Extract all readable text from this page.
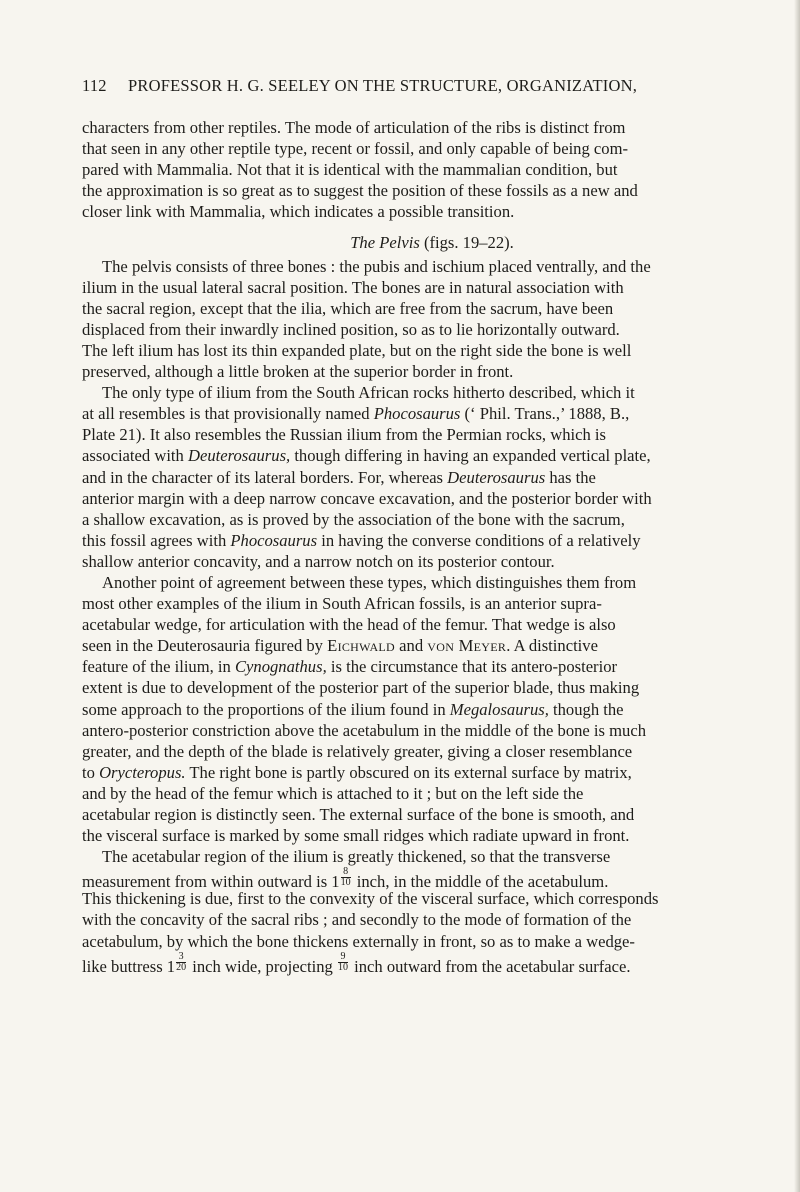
112	PROFESSOR H. G. SEELEY ON THE STRUCTURE, ORGANIZATION,
characters from other reptiles. The mode of articulation of the ribs is distinct from
that seen in any other reptile type, recent or fossil, and only capable of being com-
pared with Mammalia. Not that it is identical with the mammalian condition, but
the approximation is so great as to suggest the position of these fossils as a new and
closer link with Mammalia, which indicates a possible transition.
The Pelvis (figs. 19–22).
The pelvis consists of three bones : the pubis and ischium placed ventrally, and the
ilium in the usual lateral sacral position. The bones are in natural association with
the sacral region, except that the ilia, which are free from the sacrum, have been
displaced from their inwardly inclined position, so as to lie horizontally outward.
The left ilium has lost its thin expanded plate, but on the right side the bone is well
preserved, although a little broken at the superior border in front.
The only type of ilium from the South African rocks hitherto described, which it
at all resembles is that provisionally named Phocosaurus (‘ Phil. Trans.,’ 1888, B.,
Plate 21). It also resembles the Russian ilium from the Permian rocks, which is
associated with Deuterosaurus, though differing in having an expanded vertical plate,
and in the character of its lateral borders. For, whereas Deuterosaurus has the
anterior margin with a deep narrow concave excavation, and the posterior border with
a shallow excavation, as is proved by the association of the bone with the sacrum,
this fossil agrees with Phocosaurus in having the converse conditions of a relatively
shallow anterior concavity, and a narrow notch on its posterior contour.
Another point of agreement between these types, which distinguishes them from
most other examples of the ilium in South African fossils, is an anterior supra-
acetabular wedge, for articulation with the head of the femur. That wedge is also
seen in the Deuterosauria figured by Eichwald and von Meyer. A distinctive
feature of the ilium, in Cynognathus, is the circumstance that its antero-posterior
extent is due to development of the posterior part of the superior blade, thus making
some approach to the proportions of the ilium found in Megalosaurus, though the
antero-posterior constriction above the acetabulum in the middle of the bone is much
greater, and the depth of the blade is relatively greater, giving a closer resemblance
to Orycteropus. The right bone is partly obscured on its external surface by matrix,
and by the head of the femur which is attached to it ; but on the left side the
acetabular region is distinctly seen. The external surface of the bone is smooth, and
the visceral surface is marked by some small ridges which radiate upward in front.
The acetabular region of the ilium is greatly thickened, so that the transverse
measurement from within outward is $1 \frac{8}{10}$ inch, in the middle of the acetabulum.
This thickening is due, first to the convexity of the visceral surface, which corresponds
with the concavity of the sacral ribs ; and secondly to the mode of formation of the
acetabulum, by which the bone thickens externally in front, so as to make a wedge-
like buttress $1 \frac{3}{20}$ inch wide, projecting $\frac{9}{10}$ inch outward from the acetabular surface.
